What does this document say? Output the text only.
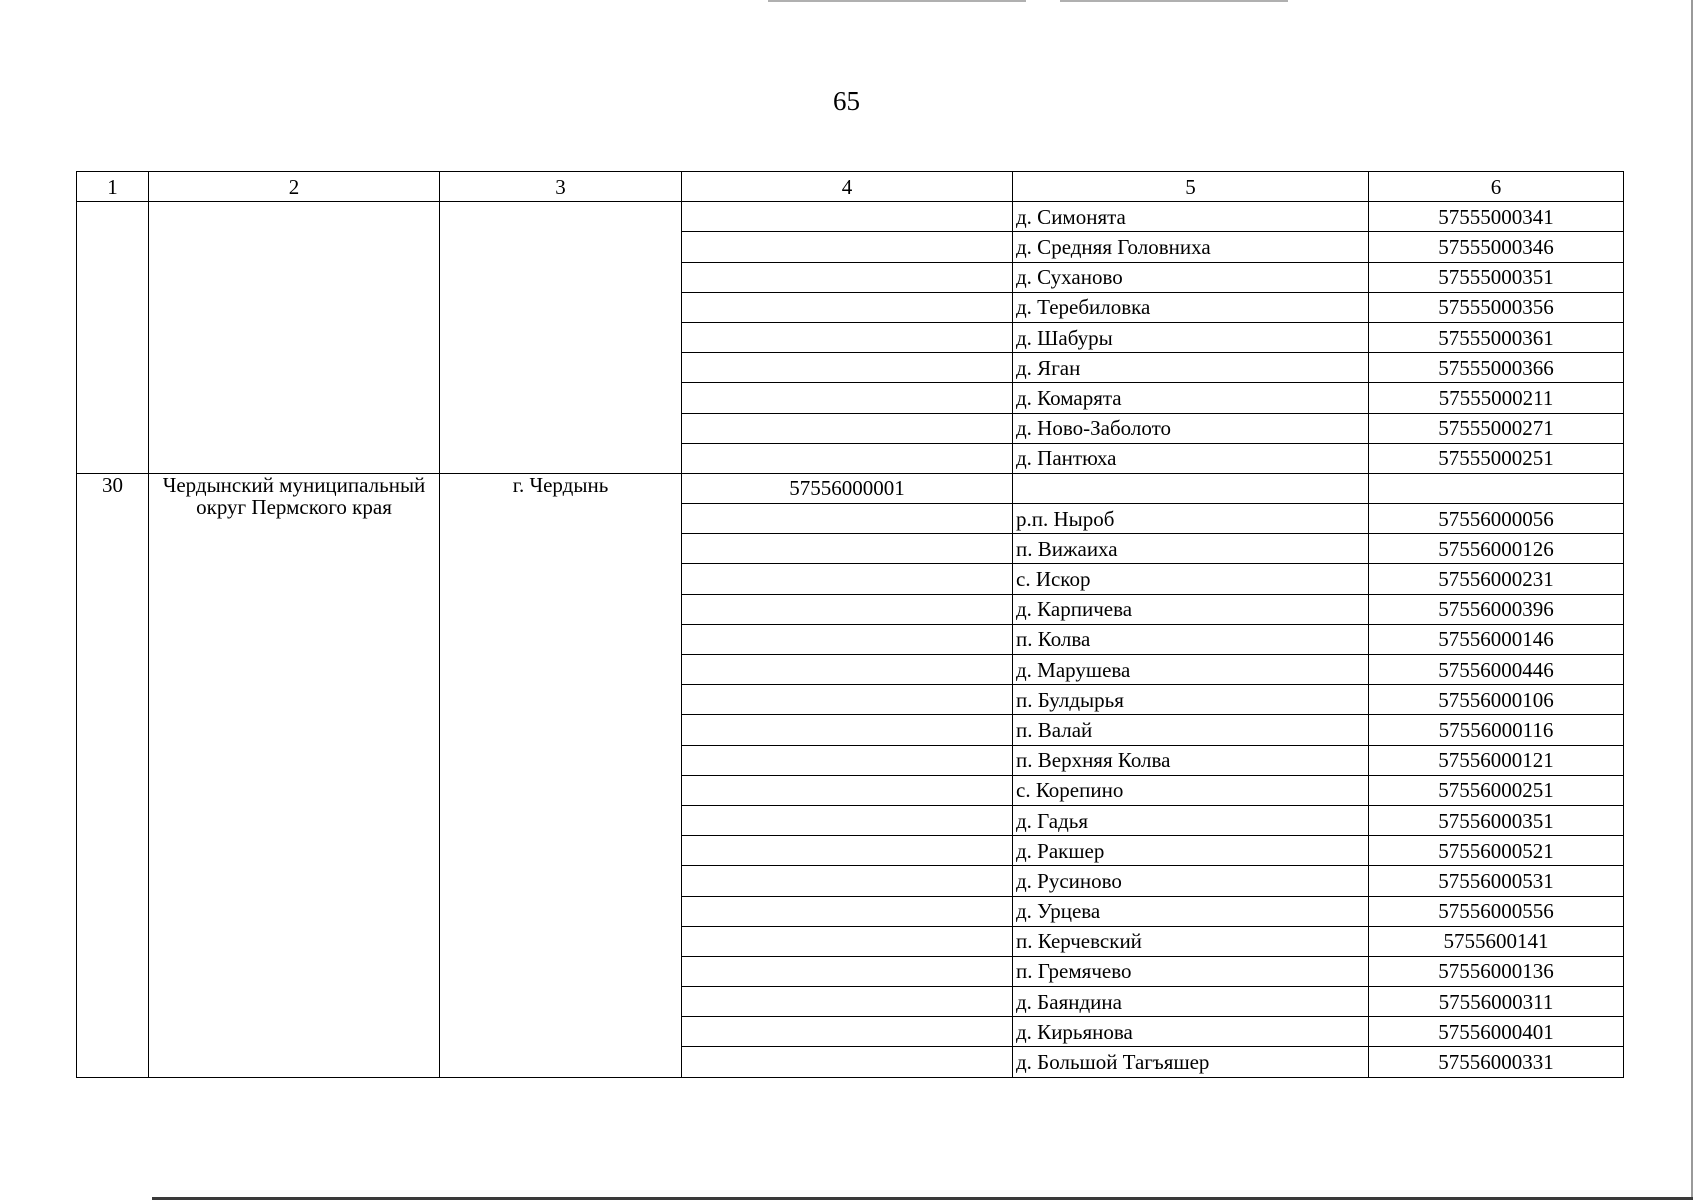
65
1	2	3	4	5	6
				д. Симонята	57555000341
				д. Средняя Головниха	57555000346
				д. Суханово	57555000351
				д. Теребиловка	57555000356
				д. Шабуры	57555000361
				д. Яган	57555000366
				д. Комарята	57555000211
				д. Ново-Заболото	57555000271
				д. Пантюха	57555000251
30	Чердынский муниципальный округ Пермского края	г. Чердынь	57556000001		
				р.п. Ныроб	57556000056
				п. Вижаиха	57556000126
				с. Искор	57556000231
				д. Карпичева	57556000396
				п. Колва	57556000146
				д. Марушева	57556000446
				п. Булдырья	57556000106
				п. Валай	57556000116
				п. Верхняя Колва	57556000121
				с. Корепино	57556000251
				д. Гадья	57556000351
				д. Ракшер	57556000521
				д. Русиново	57556000531
				д. Урцева	57556000556
				п. Керчевский	5755600141
				п. Гремячево	57556000136
				д. Баяндина	57556000311
				д. Кирьянова	57556000401
				д. Большой Тагъяшер	57556000331
